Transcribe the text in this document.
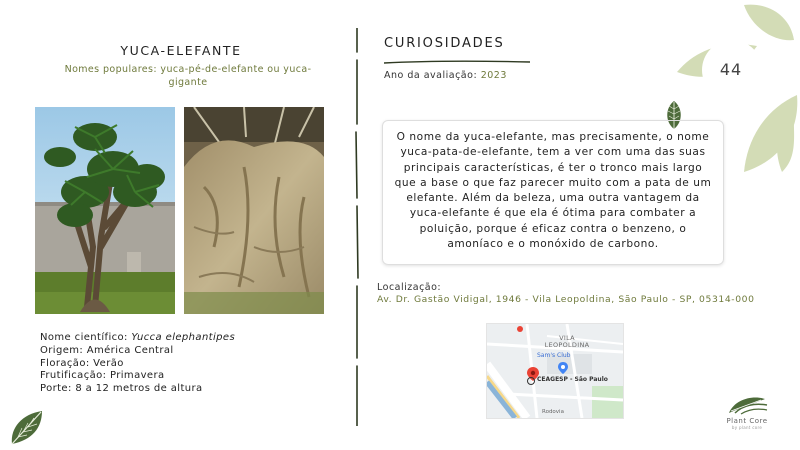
YUCA-ELEFANTE
Nomes populares: yuca-pé-de-elefante ou yuca-gigante
Nome científico: Yucca elephantipes
Origem: América Central
Floração: Verão
Frutificação: Primavera
Porte: 8 a 12 metros de altura
CURIOSIDADES
Ano da avaliação: 2023
O nome da yuca-elefante, mas precisamente, o nome yuca-pata-de-elefante, tem a ver com uma das suas principais características, é ter o tronco mais largo que a base o que faz parecer muito com a pata de um elefante. Além da beleza, uma outra vantagem da yuca-elefante é que ela é ótima para combater a poluição, porque é eficaz contra o benzeno, o amoníaco e o monóxido de carbono.
Localização:
Av. Dr. Gastão Vidigal, 1946 - Vila Leopoldina, São Paulo - SP, 05314-000
VILA LEOPOLDINA
Sam's Club
CEAGESP - São Paulo
Rodovia
44
Plant Core
by plant core
